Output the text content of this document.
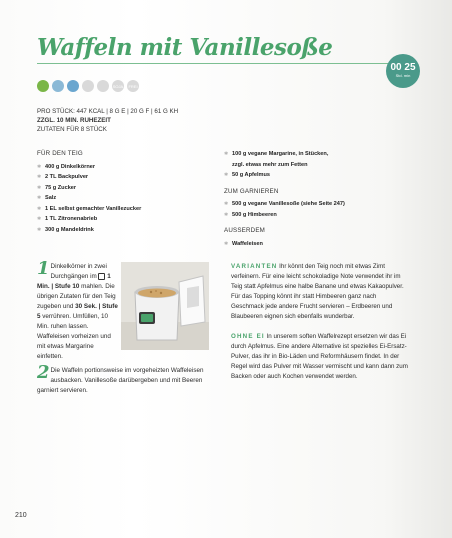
Waffeln mit Vanillesoße
00 25
Std. min
SOJA FREI
PRO STÜCK: 447 KCAL | 8 G E | 20 G F | 61 G KH
ZZGL. 10 MIN. RUHEZEIT
ZUTATEN FÜR 8 STÜCK
FÜR DEN TEIG
✱ 400 g Dinkelkörner
✱ 2 TL Backpulver
✱ 75 g Zucker
✱ Salz
✱ 1 EL selbst gemachter Vanillezucker
✱ 1 TL Zitronenabrieb
✱ 300 g Mandeldrink
✱ 100 g vegane Margarine, in Stücken,
zzgl. etwas mehr zum Fetten
✱ 50 g Apfelmus
ZUM GARNIEREN
✱ 500 g vegane Vanillesoße (siehe Seite 247)
✱ 500 g Himbeeren
AUSSERDEM
✱ Waffeleisen
1 Dinkelkörner in zwei Durchgängen im  1 Min. | Stufe 10 mahlen. Die übrigen Zutaten für den Teig zugeben und 30 Sek. | Stufe 5 verrühren. Umfüllen, 10 Min. ruhen lassen. Waffeleisen vorheizen und mit etwas Margarine einfetten.
2 Die Waffeln portionsweise im vorgeheizten Waffeleisen ausbacken. Vanillesoße darübergeben und mit Beeren garniert servieren.

VARIANTEN Ihr könnt den Teig noch mit etwas Zimt verfeinern. Für eine leicht schokoladige Note verwendet ihr im Teig statt Apfelmus eine halbe Banane und etwas Kakaopulver. Für das Topping könnt ihr statt Himbeeren ganz nach Geschmack jede andere Frucht servieren – Erdbeeren und Blaubeeren eignen sich ebenfalls wunderbar.

OHNE EI In unserem soften Waffelrezept ersetzen wir das Ei durch Apfelmus. Eine andere Alternative ist spezielles Ei-Ersatz-Pulver, das ihr in Bio-Läden und Reformhäusern findet. In der Regel wird das Pulver mit Wasser vermischt und kann dann zum Backen oder auch Kochen verwendet werden.

210
